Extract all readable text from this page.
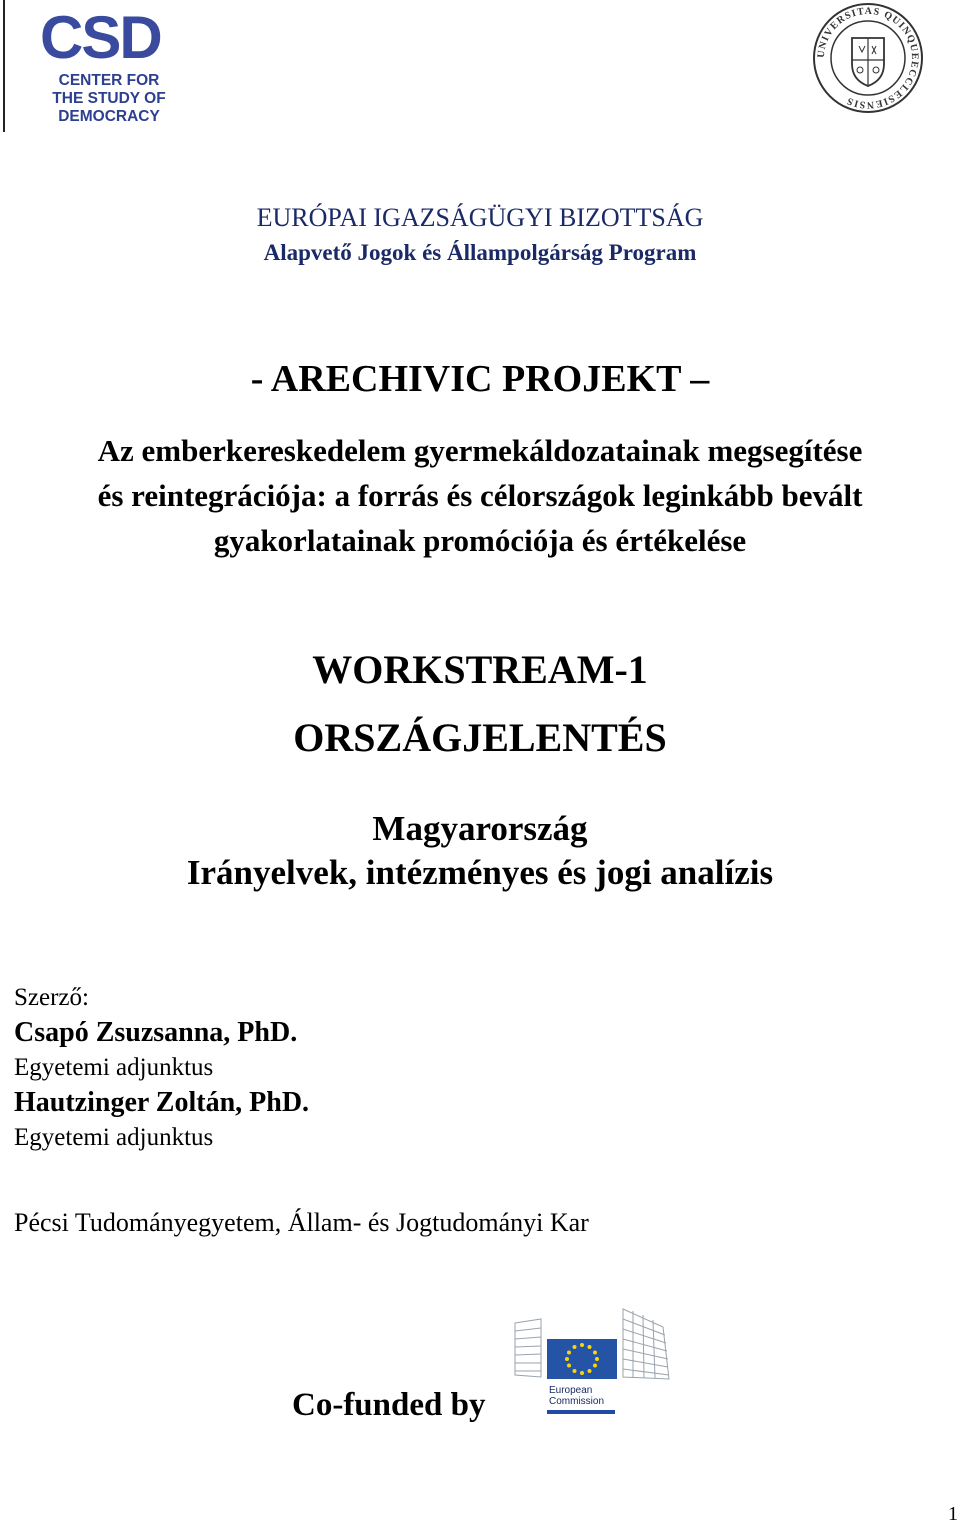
CSD
CENTER FOR
THE STUDY OF
DEMOCRACY
UNIVERSITAS QUINQUEECCLESIENSIS
EURÓPAI IGAZSÁGÜGYI BIZOTTSÁG
Alapvető Jogok és Állampolgárság Program
- ARECHIVIC PROJEKT –
Az emberkereskedelem gyermekáldozatainak megsegítése
és reintegrációja: a forrás és célországok leginkább bevált
gyakorlatainak promóciója és értékelése
WORKSTREAM-1
ORSZÁGJELENTÉS
Magyarország
Irányelvek, intézményes és jogi analízis
Szerző:
Csapó Zsuzsanna, PhD.
Egyetemi adjunktus
Hautzinger Zoltán, PhD.
Egyetemi adjunktus
Pécsi Tudományegyetem, Állam- és Jogtudományi Kar
Co-funded by	European
Commission
1
